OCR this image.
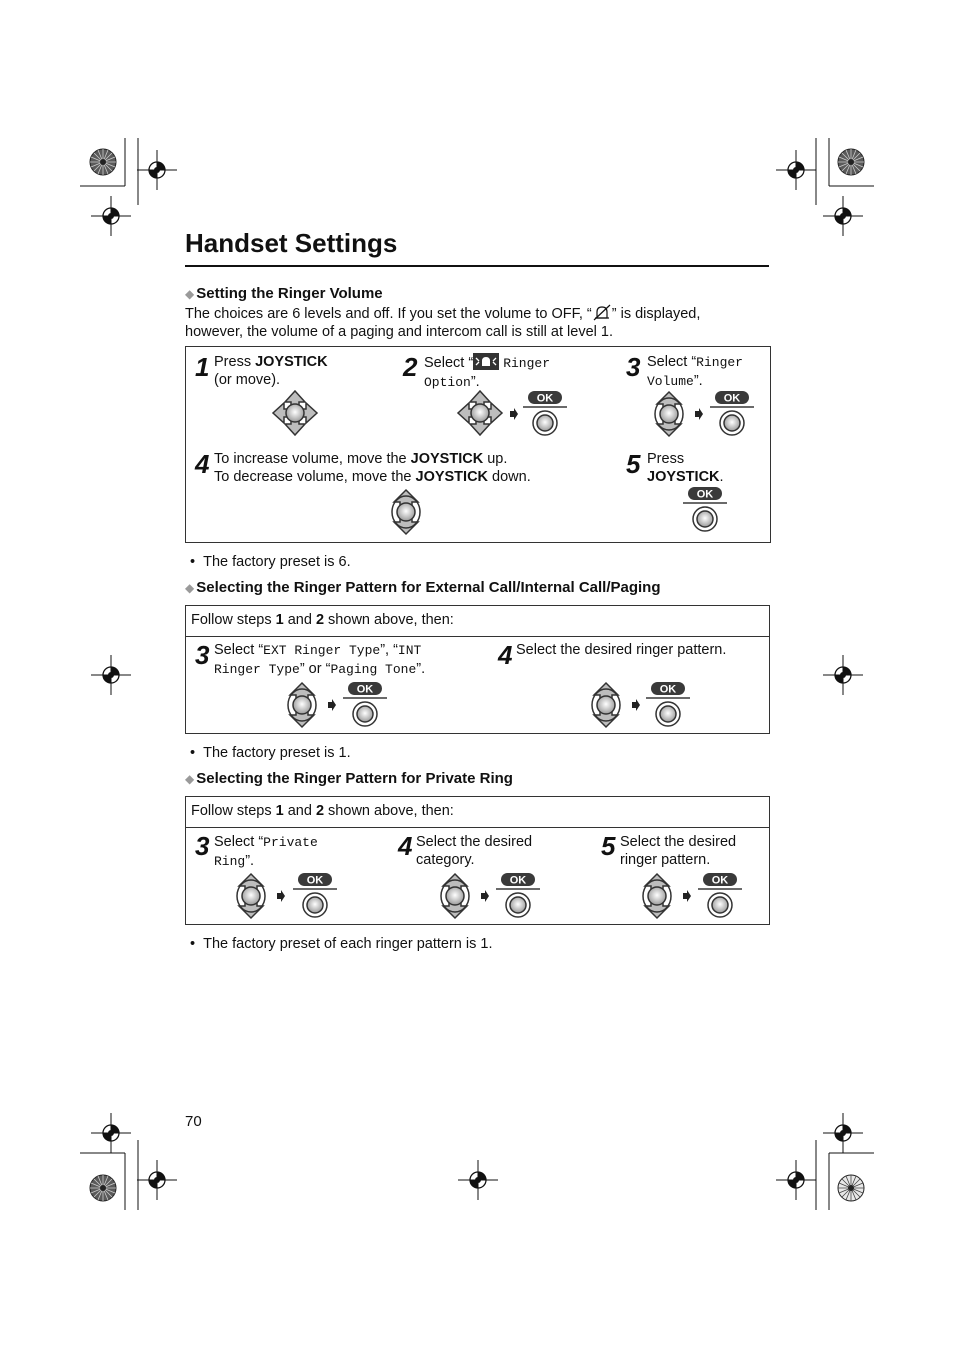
Handset Settings
◆ Setting the Ringer Volume
The choices are 6 levels and off. If you set the volume to OFF, “ ” is displayed,
however, the volume of a paging and intercom call is still at level 1.
1 Press JOYSTICK
(or move).	2 Select “ Ringer
Option”.	3 Select “Ringer
Volume”.
4 To increase volume, move the JOYSTICK up.
To decrease volume, move the JOYSTICK down.	5 Press
JOYSTICK.
•  The factory preset is 6.
◆ Selecting the Ringer Pattern for External Call/Internal Call/Paging
Follow steps 1 and 2 shown above, then:
3 Select “EXT Ringer Type”, “INT
Ringer Type” or “Paging Tone”.	4 Select the desired ringer pattern.
•  The factory preset is 1.
◆ Selecting the Ringer Pattern for Private Ring
Follow steps 1 and 2 shown above, then:
3 Select “Private
Ring”.	4 Select the desired
category.	5 Select the desired
ringer pattern.
•  The factory preset of each ringer pattern is 1.
70
